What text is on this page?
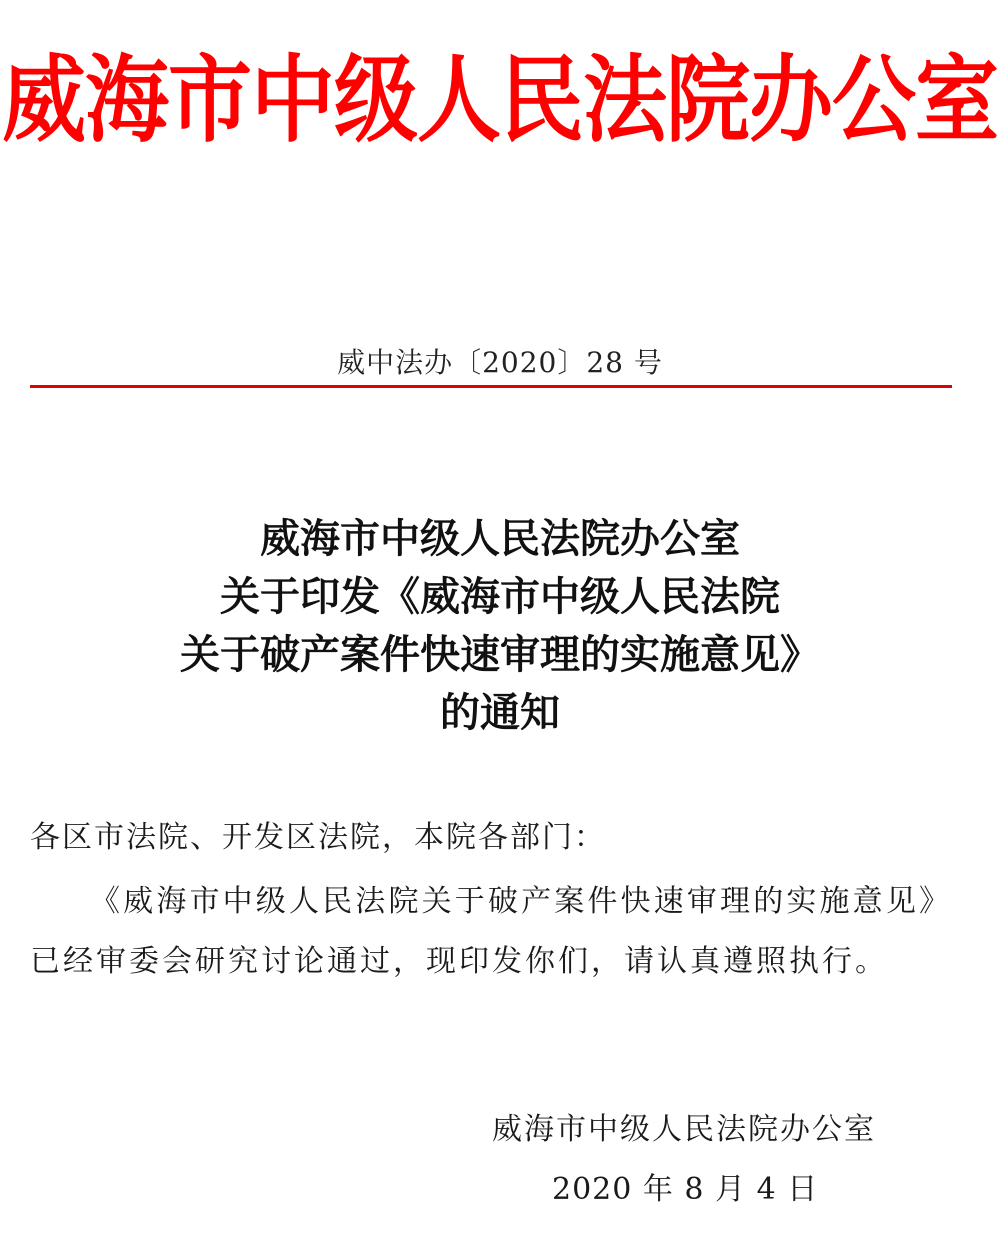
威海市中级人民法院办公室
威中法办〔2020〕28 号
威海市中级人民法院办公室
关于印发《威海市中级人民法院
关于破产案件快速审理的实施意见》
的通知
各区市法院、开发区法院，本院各部门：
《威海市中级人民法院关于破产案件快速审理的实施意见》已经审委会研究讨论通过，现印发你们，请认真遵照执行。
威海市中级人民法院办公室
2020 年 8 月 4 日
